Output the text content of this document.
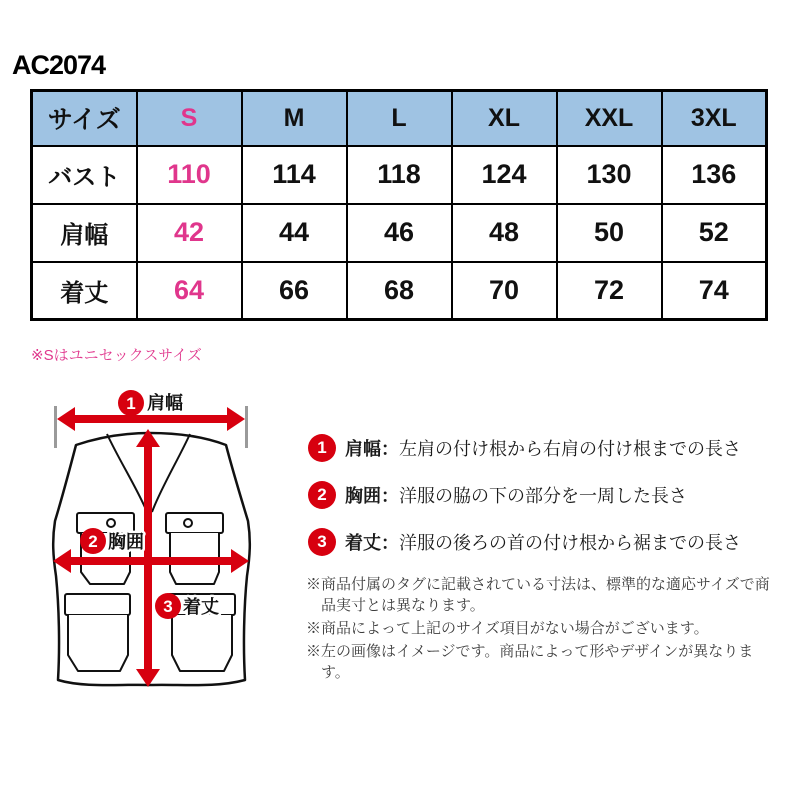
AC2074
サイズ	S	M	L	XL	XXL	3XL
バスト	110	114	118	124	130	136
肩幅	42	44	46	48	50	52
着丈	64	66	68	70	72	74
※Sはユニセックスサイズ
1 肩幅
2 胸囲
3 着丈
1	肩幅：左肩の付け根から右肩の付け根までの長さ
2	胸囲：洋服の脇の下の部分を一周した長さ
3	着丈：洋服の後ろの首の付け根から裾までの長さ
※商品付属のタグに記載されている寸法は、標準的な適応サイズで商品実寸とは異なります。
※商品によって上記のサイズ項目がない場合がございます。
※左の画像はイメージです。商品によって形やデザインが異なります。
